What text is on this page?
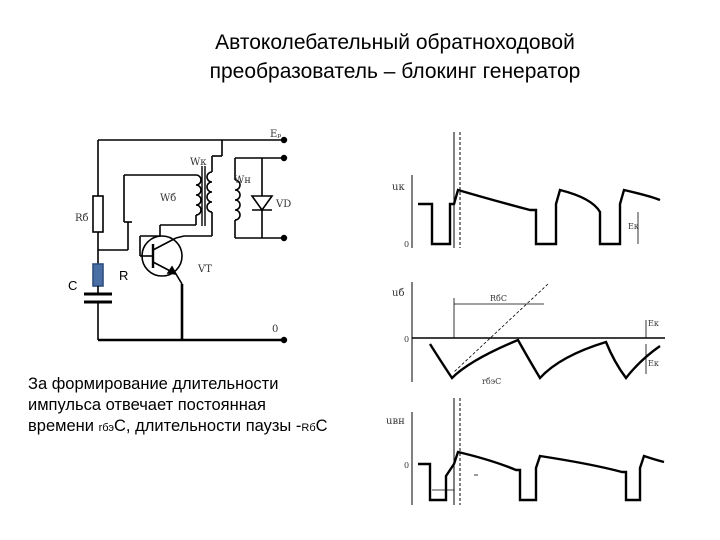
Автоколебательный обратноходовой
преобразователь – блокинг генератор
Eₚ
Wк
Wб
Wн
VD
Rб
C
R	VT
0
uк
0
Eк
uб	RбC
rбэC
Eк
Eк
0
uвн
0
За формирование длительности
импульса отвечает постоянная
времени rбэС, длительности паузы -RбС
